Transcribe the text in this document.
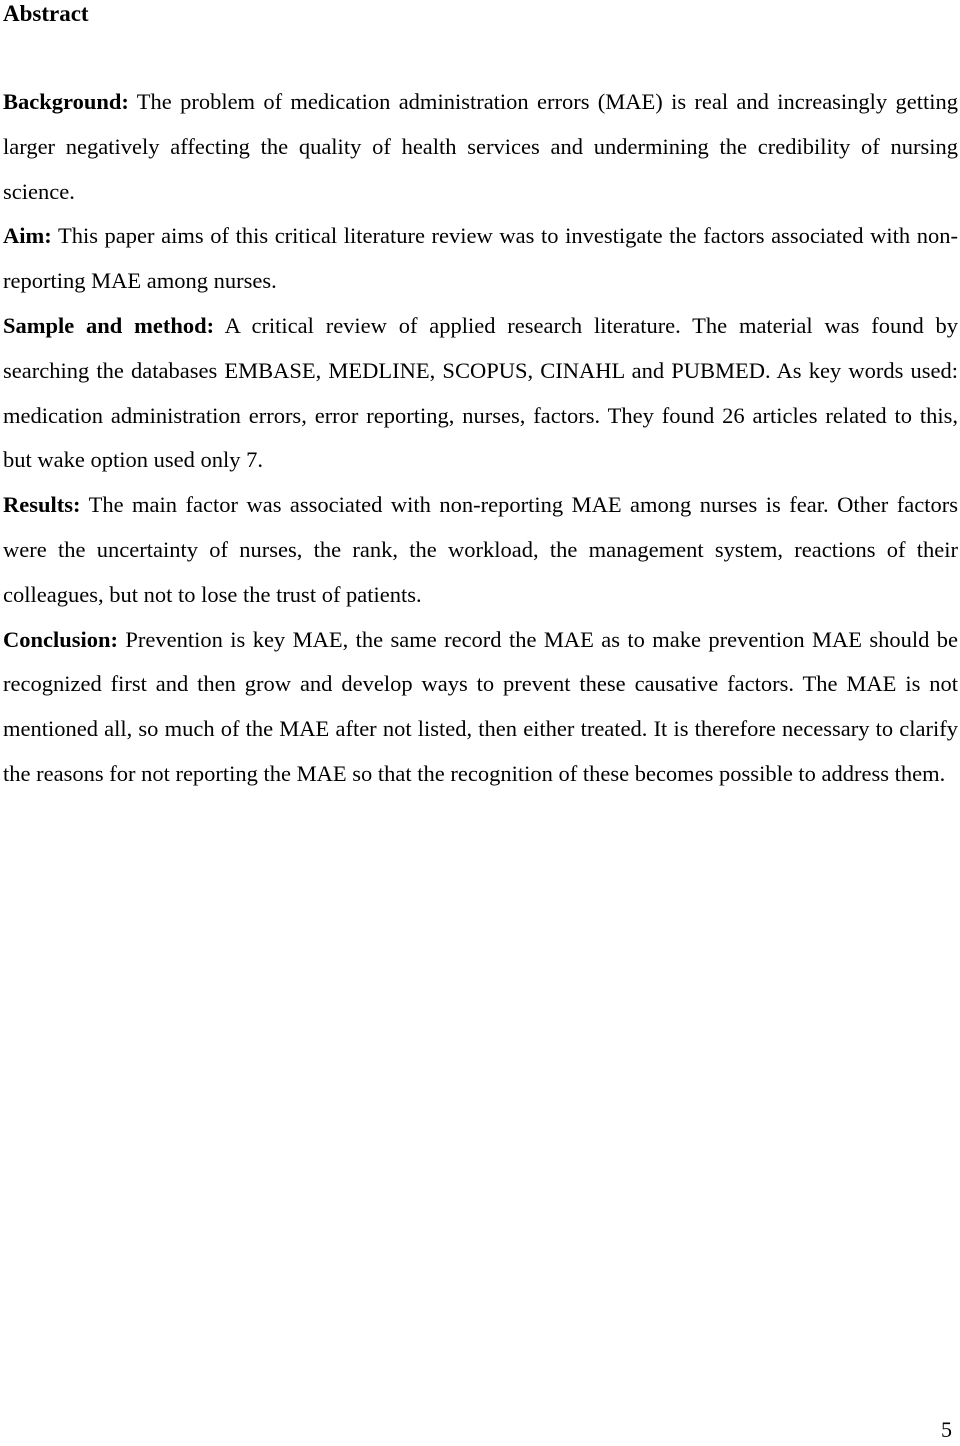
Abstract

Background: The problem of medication administration errors (MAE) is real and increasingly getting larger negatively affecting the quality of health services and undermining the credibility of nursing science.

Aim: This paper aims of this critical literature review was to investigate the factors associated with non-reporting MAE among nurses.

Sample and method: A critical review of applied research literature. The material was found by searching the databases EMBASE, MEDLINE, SCOPUS, CINAHL and PUBMED. As key words used: medication administration errors, error reporting, nurses, factors. They found 26 articles related to this, but wake option used only 7.

Results: The main factor was associated with non-reporting MAE among nurses is fear. Other factors were the uncertainty of nurses, the rank, the workload, the management system, reactions of their colleagues, but not to lose the trust of patients.

Conclusion: Prevention is key MAE, the same record the MAE as to make prevention MAE should be recognized first and then grow and develop ways to prevent these causative factors. The MAE is not mentioned all, so much of the MAE after not listed, then either treated. It is therefore necessary to clarify the reasons for not reporting the MAE so that the recognition of these becomes possible to address them.

5
